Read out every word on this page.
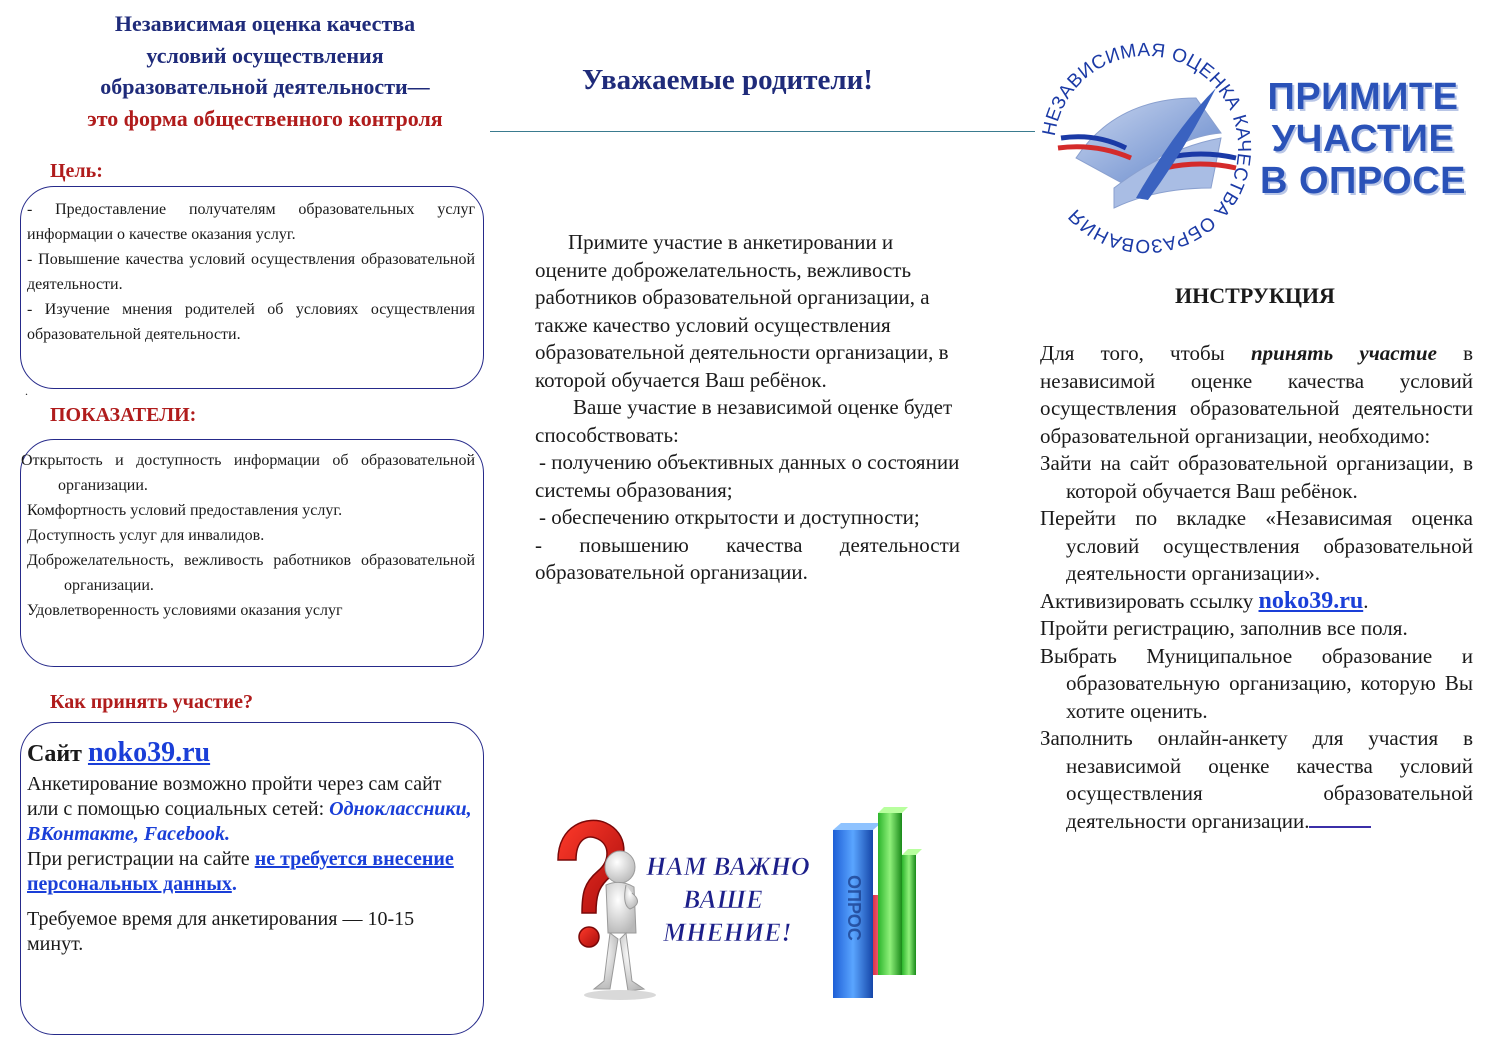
Независимая оценка качества
условий осуществления
образовательной деятельности—
это форма общественного контроля
Цель:

- Предоставление получателям образовательных услуг информации о качестве оказания услуг.

- Повышение качества условий осуществления образовательной деятельности.

- Изучение мнения родителей об условиях осуществления образовательной деятельности.

.
ПОКАЗАТЕЛИ:

Открытость и доступность информации об образовательной организации.

Комфортность условий предоставления услуг.

Доступность услуг для инвалидов.

Доброжелательность, вежливость работников образовательной организации.

Удовлетворенность условиями оказания услуг

Как принять участие?
Сайт noko39.ru

Анкетирование возможно пройти через сам сайт или с помощью социальных сетей: Одноклассники, ВКонтакте, Facebook.

При регистрации на сайте не требуется внесение персональных данных.

Требуемое время для анкетирования — 10-15 минут.

Уважаемые родители!

Примите участие в анкетировании и оцените доброжелательность, вежливость работников образовательной организации, а также качество условий осуществления образовательной деятельности организации, в которой обучается Ваш ребёнок.

Ваше участие в независимой оценке будет способствовать:

- получению объективных данных о состоянии системы образования;

- обеспечению открытости и доступности;

- повышению качества деятельности образовательной организации.

ОПРОС
НАМ ВАЖНО
ВАШЕ
МНЕНИЕ!
НЕЗАВИСИМАЯ ОЦЕНКА КАЧЕСТВА ОБРАЗОВАНИЯ
ПРИМИТЕ
УЧАСТИЕ
В ОПРОСЕ
ИНСТРУКЦИЯ

Для того, чтобы принять участие в независимой оценке качества условий осуществления образовательной деятельности образовательной организации, необходимо:

Зайти на сайт образовательной организации, в которой обучается Ваш ребёнок.

Перейти по вкладке «Независимая оценка условий осуществления образовательной деятельности организации».

Активизировать ссылку noko39.ru.

Пройти регистрацию, заполнив все поля.

Выбрать Муниципальное образование и образовательную организацию, которую Вы хотите оценить.

Заполнить онлайн-анкету для участия в независимой оценке качества условий осуществления образовательной деятельности организации.
